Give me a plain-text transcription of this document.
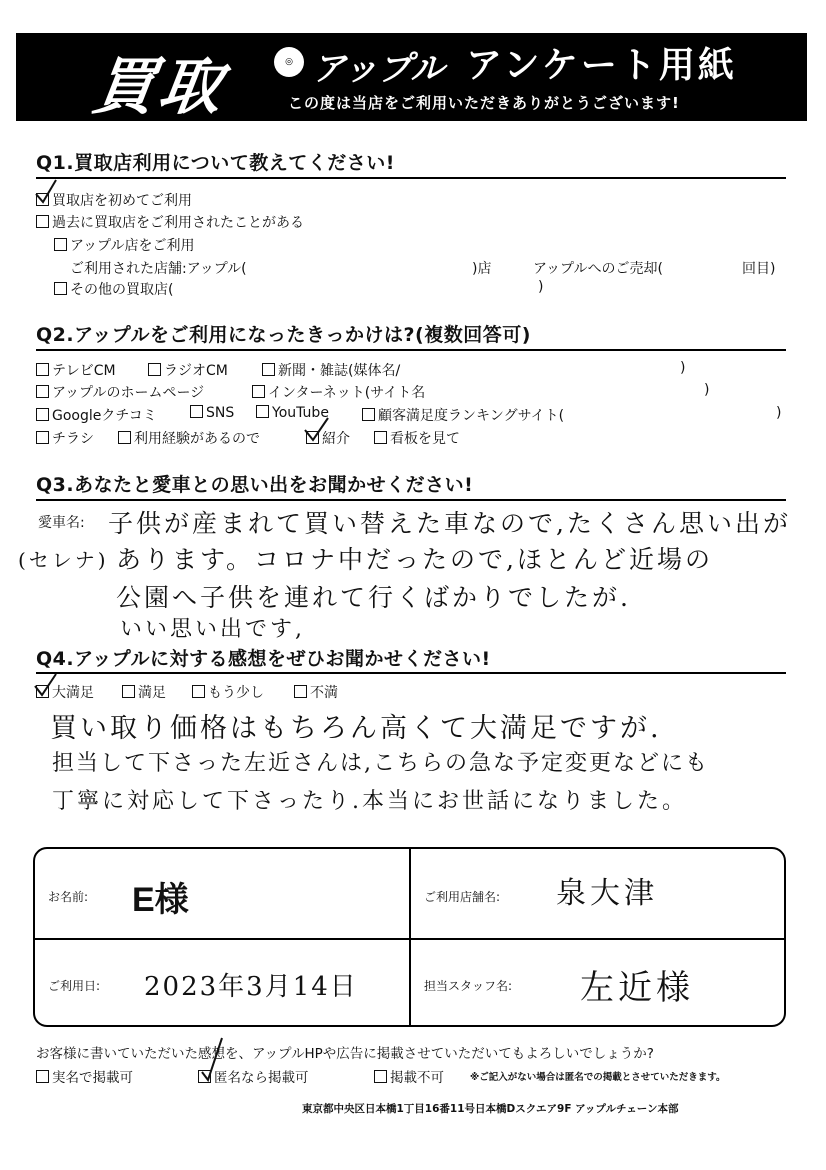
買取	◎ アップル アンケート用紙
この度は当店をご利用いただきありがとうございます!
Q1.買取店利用について教えてください!
買取店を初めてご利用
過去に買取店をご利用されたことがある
アップル店をご利用
ご利用された店舗:アップル(	)店	アップルへのご売却(	回目)
その他の買取店(	)
Q2.アップルをご利用になったきっかけは?(複数回答可)
テレビCM	ラジオCM	新聞・雑誌(媒体名/	)
アップルのホームページ	インターネット(サイト名	)
Googleクチコミ	SNS	YouTube	顧客満足度ランキングサイト(	)
チラシ	利用経験があるので	紹介	看板を見て
Q3.あなたと愛車との思い出をお聞かせください!
愛車名:
(セレナ)
子供が産まれて買い替えた車なので,たくさん思い出が
あります。コロナ中だったので,ほとんど近場の
公園へ子供を連れて行くばかりでしたが.
いい思い出です,
Q4.アップルに対する感想をぜひお聞かせください!
大満足	満足	もう少し	不満
買い取り価格はもちろん高くて大満足ですが.
担当して下さった左近さんは,こちらの急な予定変更などにも
丁寧に対応して下さったり.本当にお世話になりました。
お名前: E様	ご利用店舗名: 泉大津
ご利用日: 2023年3月14日	担当スタッフ名: 左近様
お客様に書いていただいた感想を、アップルHPや広告に掲載させていただいてもよろしいでしょうか?
実名で掲載可	匿名なら掲載可	掲載不可	※ご記入がない場合は匿名での掲載とさせていただきます。
東京都中央区日本橋1丁目16番11号日本橋Dスクエア9F アップルチェーン本部
